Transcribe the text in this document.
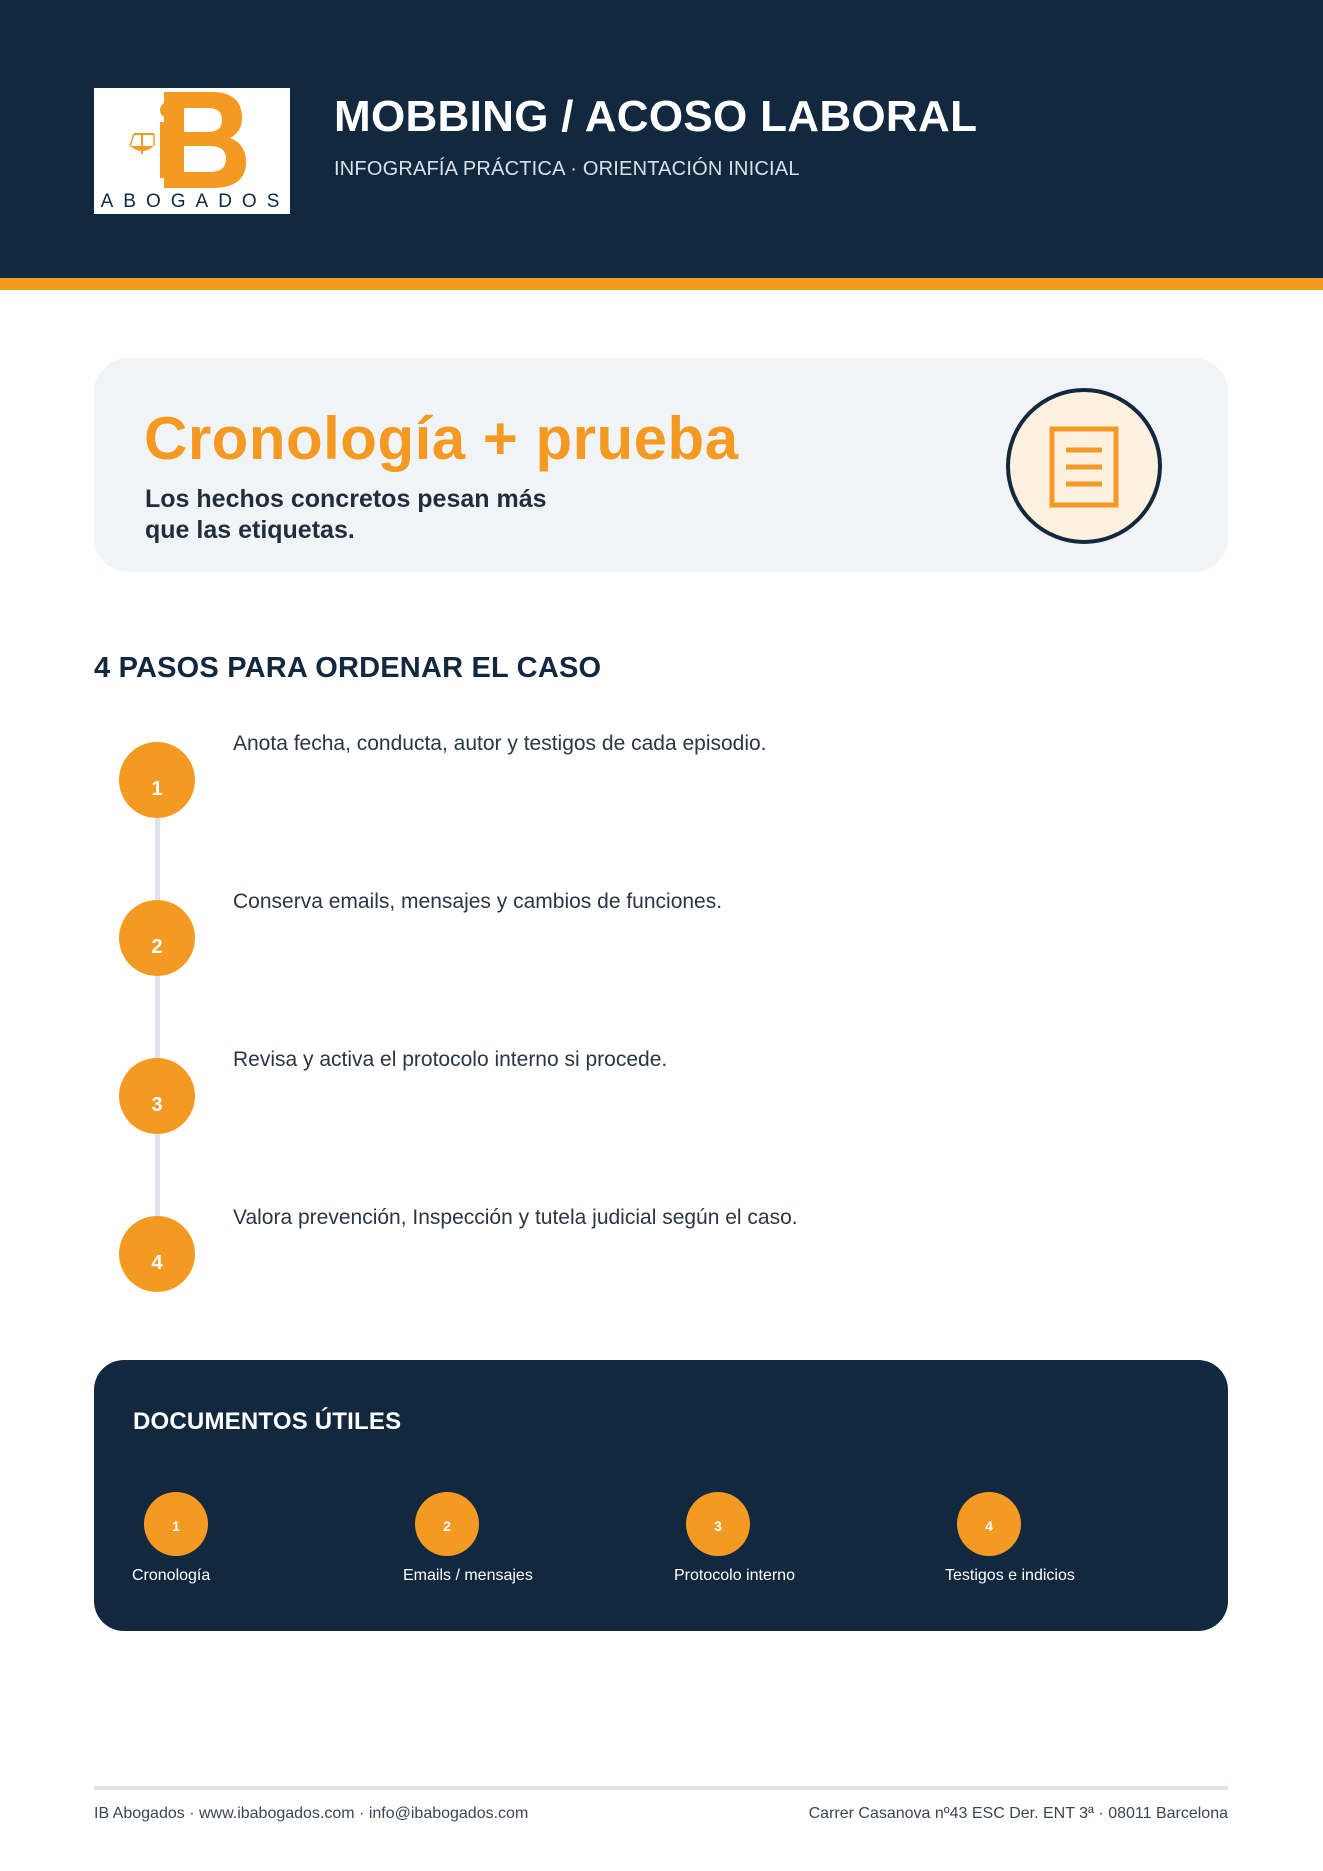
ABOGADOS
MOBBING / ACOSO LABORAL
INFOGRAFÍA PRÁCTICA · ORIENTACIÓN INICIAL
Cronología + prueba
Los hechos concretos pesan más
que las etiquetas.
4 PASOS PARA ORDENAR EL CASO
1
Anota fecha, conducta, autor y testigos de cada episodio.
2
Conserva emails, mensajes y cambios de funciones.
3
Revisa y activa el protocolo interno si procede.
4
Valora prevención, Inspección y tutela judicial según el caso.
DOCUMENTOS ÚTILES
1
Cronología
2
Emails / mensajes
3
Protocolo interno
4
Testigos e indicios
IB Abogados · www.ibabogados.com · info@ibabogados.com	Carrer Casanova nº43 ESC Der. ENT 3ª · 08011 Barcelona
